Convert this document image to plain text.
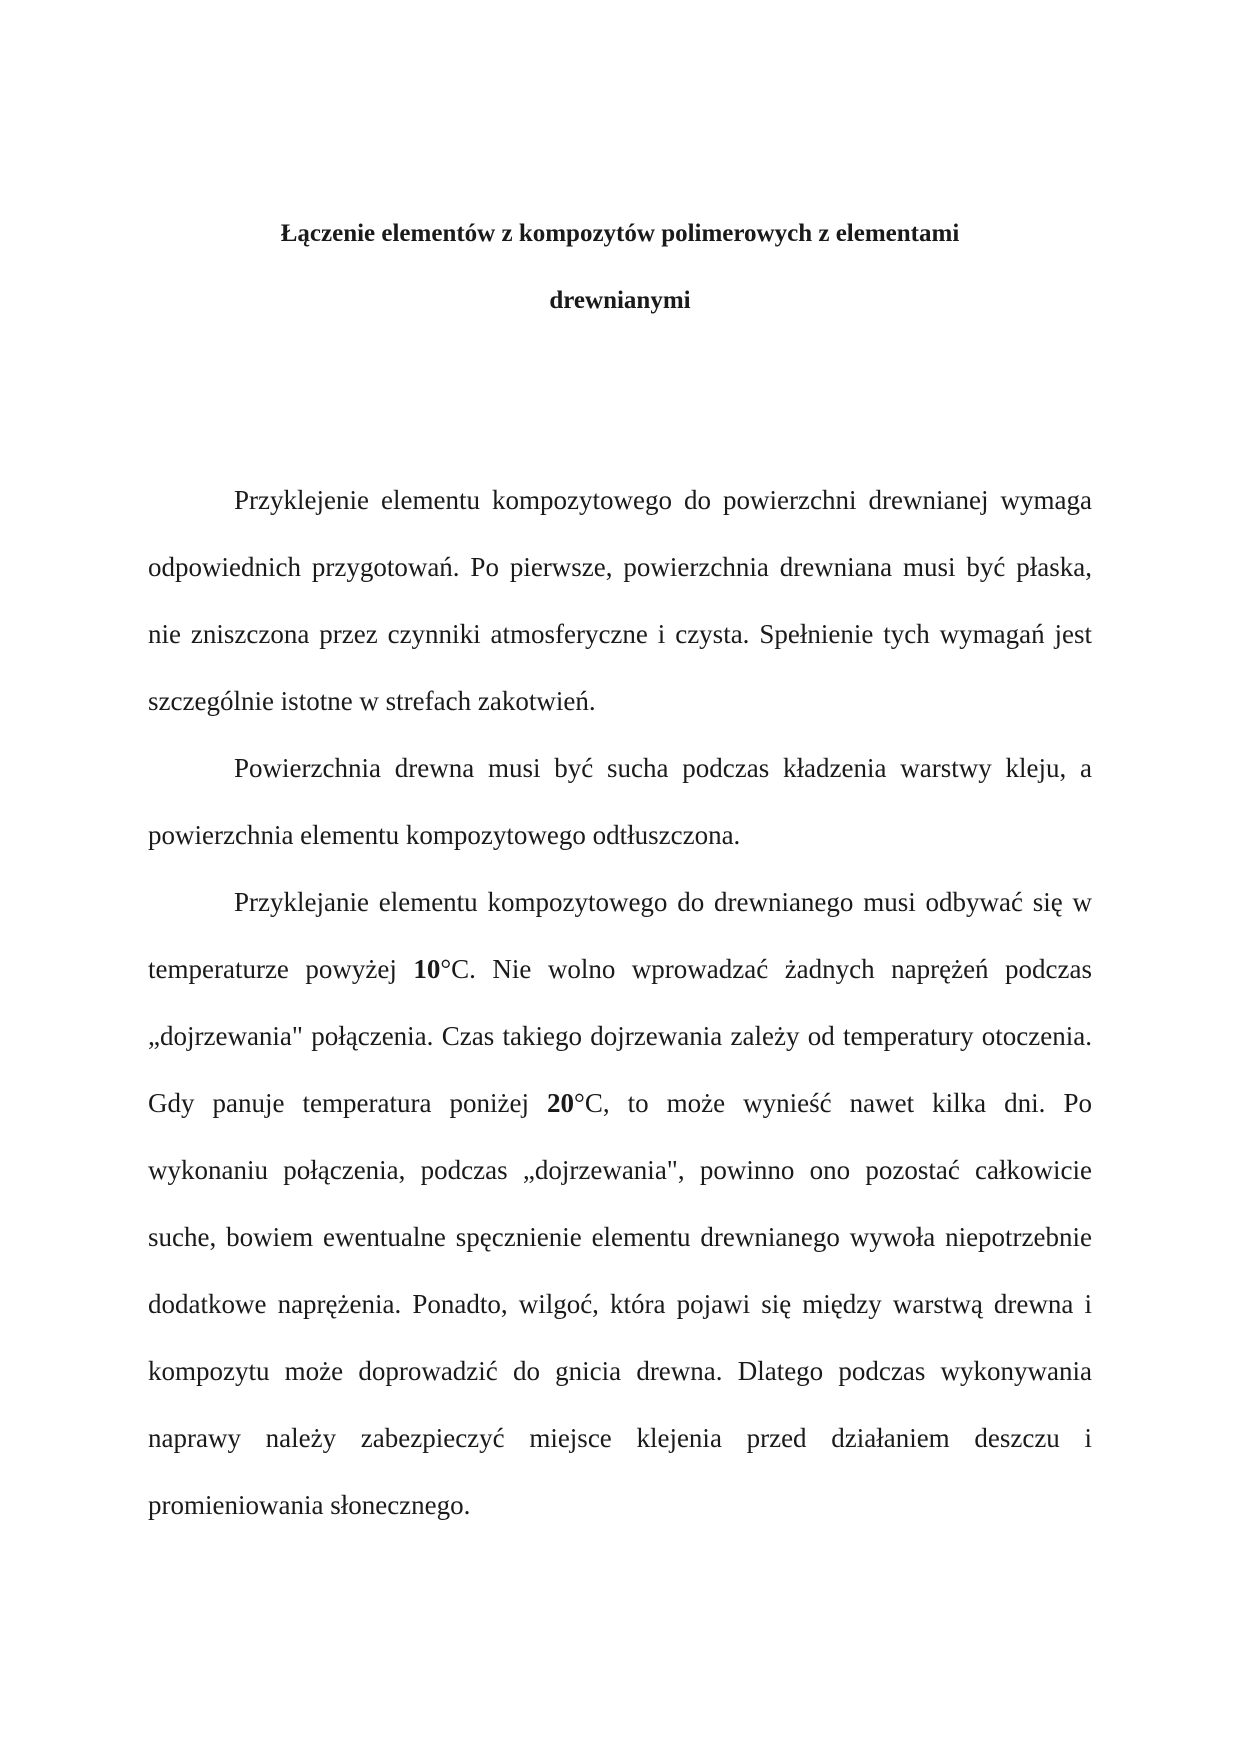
Łączenie elementów z kompozytów polimerowych z elementami
drewnianymi

Przyklejenie elementu kompozytowego do powierzchni drewnianej wymaga odpowiednich przygotowań. Po pierwsze, powierzchnia drewniana musi być płaska, nie zniszczona przez czynniki atmosferyczne i czysta. Spełnienie tych wymagań jest szczególnie istotne w strefach zakotwień.

Powierzchnia drewna musi być sucha podczas kładzenia warstwy kleju, a powierzchnia elementu kompozytowego odtłuszczona.

Przyklejanie elementu kompozytowego do drewnianego musi odbywać się w temperaturze powyżej 10°C. Nie wolno wprowadzać żadnych naprężeń podczas „dojrzewania" połączenia. Czas takiego dojrzewania zależy od temperatury otoczenia. Gdy panuje temperatura poniżej 20°C, to może wynieść nawet kilka dni. Po wykonaniu połączenia, podczas „dojrzewania", powinno ono pozostać całkowicie suche, bowiem ewentualne spęcznienie elementu drewnianego wywoła niepotrzebnie dodatkowe naprężenia. Ponadto, wilgoć, która pojawi się między warstwą drewna i kompozytu może doprowadzić do gnicia drewna. Dlatego podczas wykonywania naprawy należy zabezpieczyć miejsce klejenia przed działaniem deszczu i promieniowania słonecznego.
